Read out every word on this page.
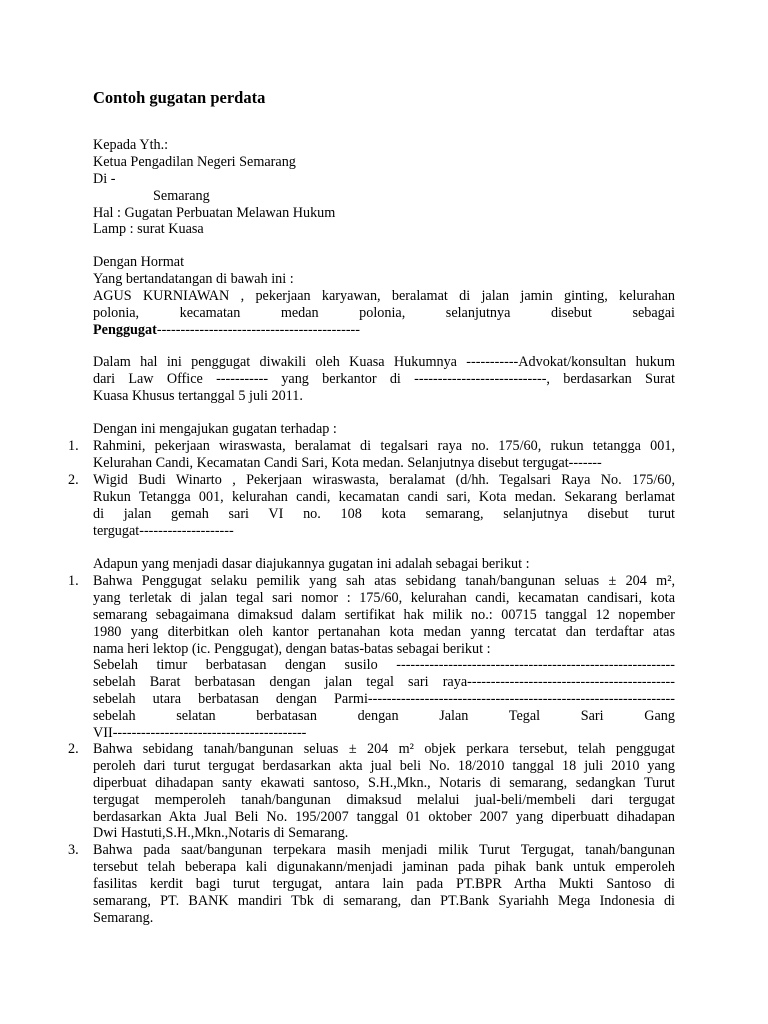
Contoh gugatan perdata
Kepada Yth.:
Ketua Pengadilan Negeri Semarang
Di -
Semarang
Hal : Gugatan Perbuatan Melawan Hukum
Lamp : surat Kuasa
Dengan Hormat
Yang bertandatangan di bawah ini :
AGUS KURNIAWAN , pekerjaan karyawan, beralamat di jalan jamin ginting, kelurahan
polonia, kecamatan medan polonia, selanjutnya disebut sebagai
Penggugat-------------------------------------------
Dalam hal ini penggugat diwakili oleh Kuasa Hukumnya -----------Advokat/konsultan hukum
dari Law Office ----------- yang berkantor di ----------------------------, berdasarkan Surat
Kuasa Khusus tertanggal 5 juli 2011.
Dengan ini mengajukan gugatan terhadap :
1. Rahmini, pekerjaan wiraswasta, beralamat di tegalsari raya no. 175/60, rukun tetangga 001,
Kelurahan Candi, Kecamatan Candi Sari, Kota medan. Selanjutnya disebut tergugat-------
2. Wigid Budi Winarto , Pekerjaan wiraswasta, beralamat (d/hh. Tegalsari Raya No. 175/60,
Rukun Tetangga 001, kelurahan candi, kecamatan candi sari, Kota medan. Sekarang berlamat
di jalan gemah sari VI no. 108 kota semarang, selanjutnya disebut turut
tergugat--------------------
Adapun yang menjadi dasar diajukannya gugatan ini adalah sebagai berikut :
1. Bahwa Penggugat selaku pemilik yang sah atas sebidang tanah/bangunan seluas ± 204 m²,
yang terletak di jalan tegal sari nomor : 175/60, kelurahan candi, kecamatan candisari, kota
semarang sebagaimana dimaksud dalam sertifikat hak milik no.: 00715 tanggal 12 nopember
1980 yang diterbitkan oleh kantor pertanahan kota medan yanng tercatat dan terdaftar atas
nama heri lektop (ic. Penggugat), dengan batas-batas sebagai berikut :
Sebelah timur berbatasan dengan susilo -----------------------------------------------------------
sebelah Barat berbatasan dengan jalan tegal sari raya--------------------------------------------
sebelah utara berbatasan dengan Parmi-----------------------------------------------------------------
sebelah selatan berbatasan dengan Jalan Tegal Sari Gang
VII-----------------------------------------
2. Bahwa sebidang tanah/bangunan seluas ± 204 m² objek perkara tersebut, telah penggugat
peroleh dari turut tergugat berdasarkan akta jual beli No. 18/2010 tanggal 18 juli 2010 yang
diperbuat dihadapan santy ekawati santoso, S.H.,Mkn., Notaris di semarang, sedangkan Turut
tergugat memperoleh tanah/bangunan dimaksud melalui jual-beli/membeli dari tergugat
berdasarkan Akta Jual Beli No. 195/2007 tanggal 01 oktober 2007 yang diperbuatt dihadapan
Dwi Hastuti,S.H.,Mkn.,Notaris di Semarang.
3. Bahwa pada saat/bangunan terpekara masih menjadi milik Turut Tergugat, tanah/bangunan
tersebut telah beberapa kali digunakann/menjadi jaminan pada pihak bank untuk emperoleh
fasilitas kerdit bagi turut tergugat, antara lain pada PT.BPR Artha Mukti Santoso di
semarang, PT. BANK mandiri Tbk di semarang, dan PT.Bank Syariahh Mega Indonesia di
Semarang.
